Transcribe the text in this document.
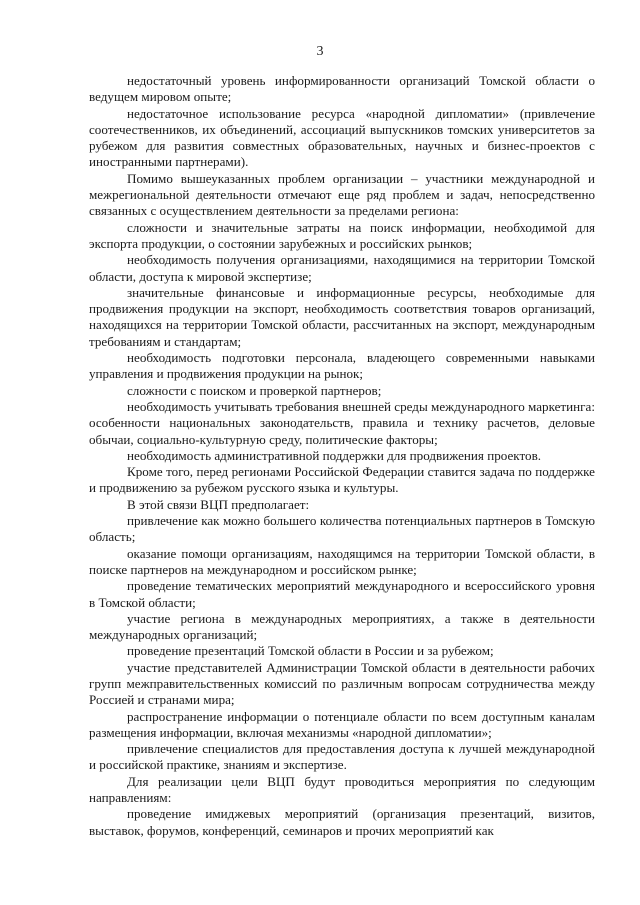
3

недостаточный уровень информированности организаций Томской области о ведущем мировом опыте;

недостаточное использование ресурса «народной дипломатии» (привлечение соотечественников, их объединений, ассоциаций выпускников томских университетов за рубежом для развития совместных образовательных, научных и бизнес-проектов с иностранными партнерами).

Помимо вышеуказанных проблем организации – участники международной и межрегиональной деятельности отмечают еще ряд проблем и задач, непосредственно связанных с осуществлением деятельности за пределами региона:

сложности и значительные затраты на поиск информации, необходимой для экспорта продукции, о состоянии зарубежных и российских рынков;

необходимость получения организациями, находящимися на территории Томской области, доступа к мировой экспертизе;

значительные финансовые и информационные ресурсы, необходимые для продвижения продукции на экспорт, необходимость соответствия товаров организаций, находящихся на территории Томской области, рассчитанных на экспорт, международным требованиям и стандартам;

необходимость подготовки персонала, владеющего современными навыками управления и продвижения продукции на рынок;

сложности с поиском и проверкой партнеров;

необходимость учитывать требования внешней среды международного маркетинга: особенности национальных законодательств, правила и технику расчетов, деловые обычаи, социально-культурную среду, политические факторы;

необходимость административной поддержки для продвижения проектов.

Кроме того, перед регионами Российской Федерации ставится задача по поддержке и продвижению за рубежом русского языка и культуры.

В этой связи ВЦП предполагает:

привлечение как можно большего количества потенциальных партнеров в Томскую область;

оказание помощи организациям, находящимся на территории Томской области, в поиске партнеров на международном и российском рынке;

проведение тематических мероприятий международного и всероссийского уровня в Томской области;

участие региона в международных мероприятиях, а также в деятельности международных организаций;

проведение презентаций Томской области в России и за рубежом;

участие представителей Администрации Томской области в деятельности рабочих групп межправительственных комиссий по различным вопросам сотрудничества между Россией и странами мира;

распространение информации о потенциале области по всем доступным каналам размещения информации, включая механизмы «народной дипломатии»;

привлечение специалистов для предоставления доступа к лучшей международной и российской практике, знаниям и экспертизе.

Для реализации цели ВЦП будут проводиться мероприятия по следующим направлениям:

проведение имиджевых мероприятий (организация презентаций, визитов, выставок, форумов, конференций, семинаров и прочих мероприятий как
